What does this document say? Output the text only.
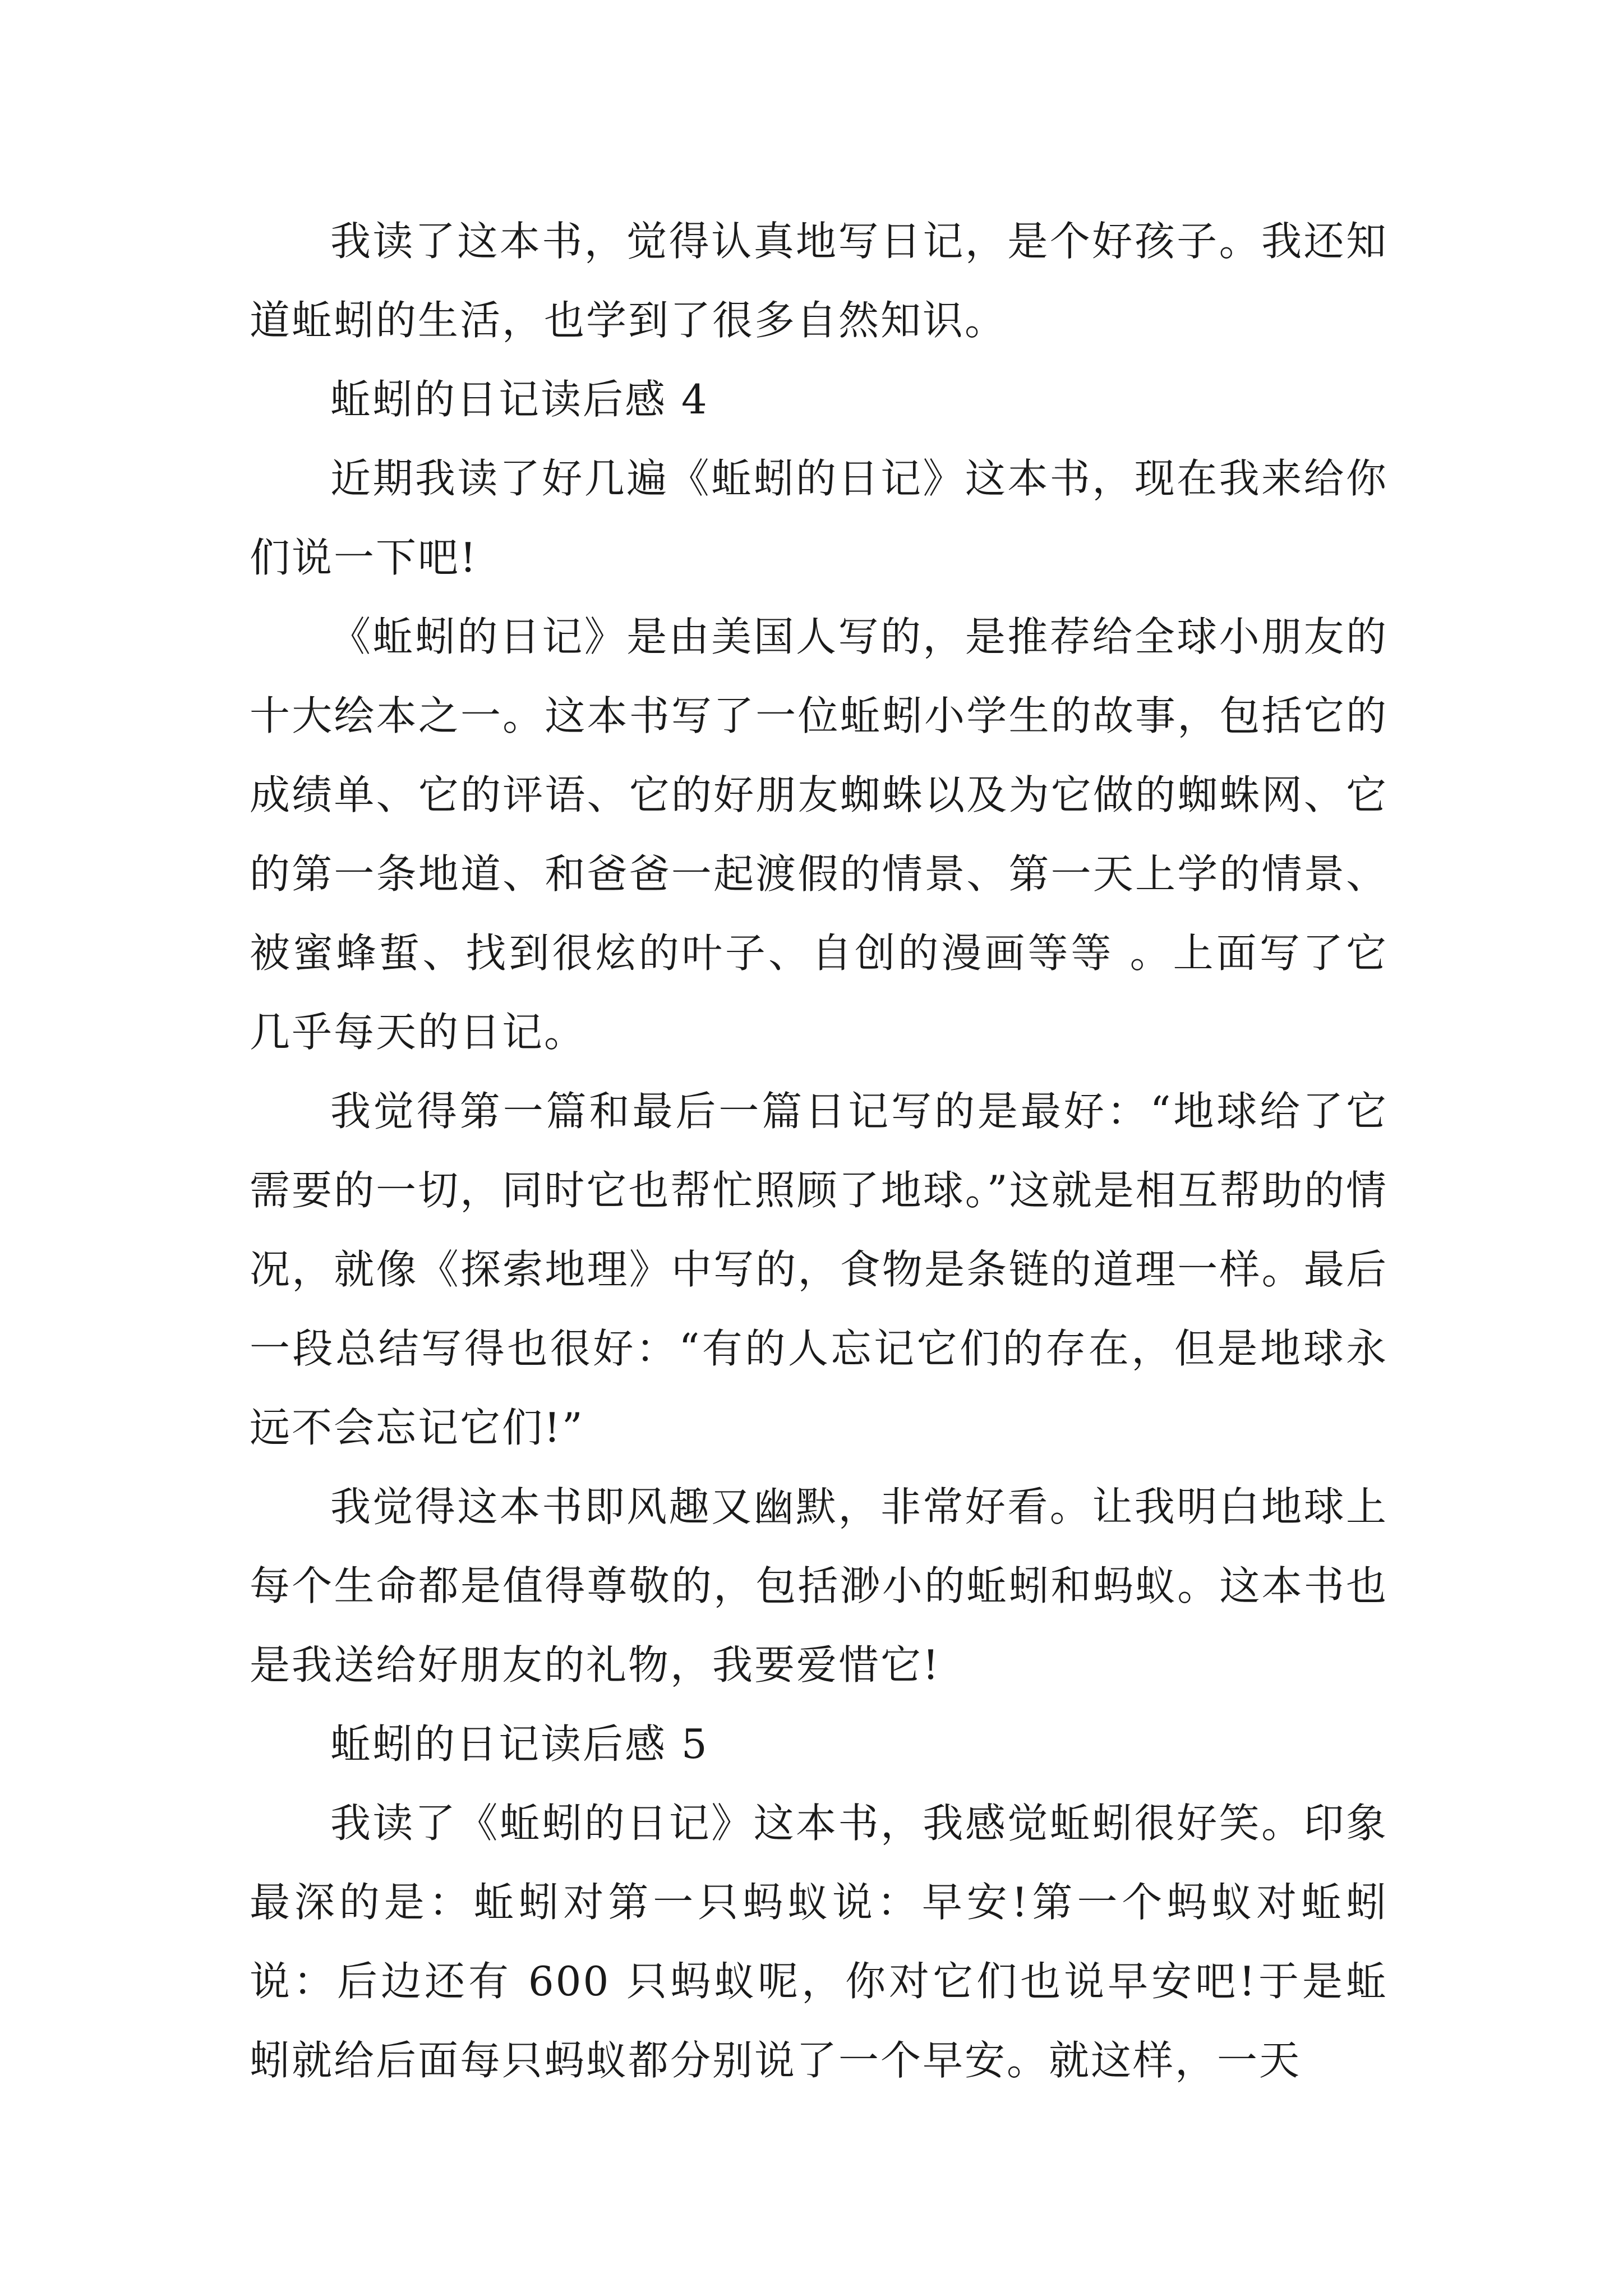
我读了这本书，觉得认真地写日记，是个好孩子。我还知道蚯蚓的生活，也学到了很多自然知识。

蚯蚓的日记读后感 4

近期我读了好几遍《蚯蚓的日记》这本书，现在我来给你们说一下吧!

《蚯蚓的日记》是由美国人写的，是推荐给全球小朋友的十大绘本之一。这本书写了一位蚯蚓小学生的故事，包括它的成绩单、它的评语、它的好朋友蜘蛛以及为它做的蜘蛛网、它的第一条地道、和爸爸一起渡假的情景、第一天上学的情景、被蜜蜂蜇、找到很炫的叶子、自创的漫画等等 。上面写了它几乎每天的日记。

我觉得第一篇和最后一篇日记写的是最好：“地球给了它需要的一切，同时它也帮忙照顾了地球。”这就是相互帮助的情况，就像《探索地理》中写的，食物是条链的道理一样。最后一段总结写得也很好：“有的人忘记它们的存在，但是地球永远不会忘记它们!”

我觉得这本书即风趣又幽默，非常好看。让我明白地球上每个生命都是值得尊敬的，包括渺小的蚯蚓和蚂蚁。这本书也是我送给好朋友的礼物，我要爱惜它!

蚯蚓的日记读后感 5

我读了《蚯蚓的日记》这本书，我感觉蚯蚓很好笑。印象最深的是：蚯蚓对第一只蚂蚁说：早安!第一个蚂蚁对蚯蚓说：后边还有 600 只蚂蚁呢，你对它们也说早安吧!于是蚯蚓就给后面每只蚂蚁都分别说了一个早安。就这样，一天
